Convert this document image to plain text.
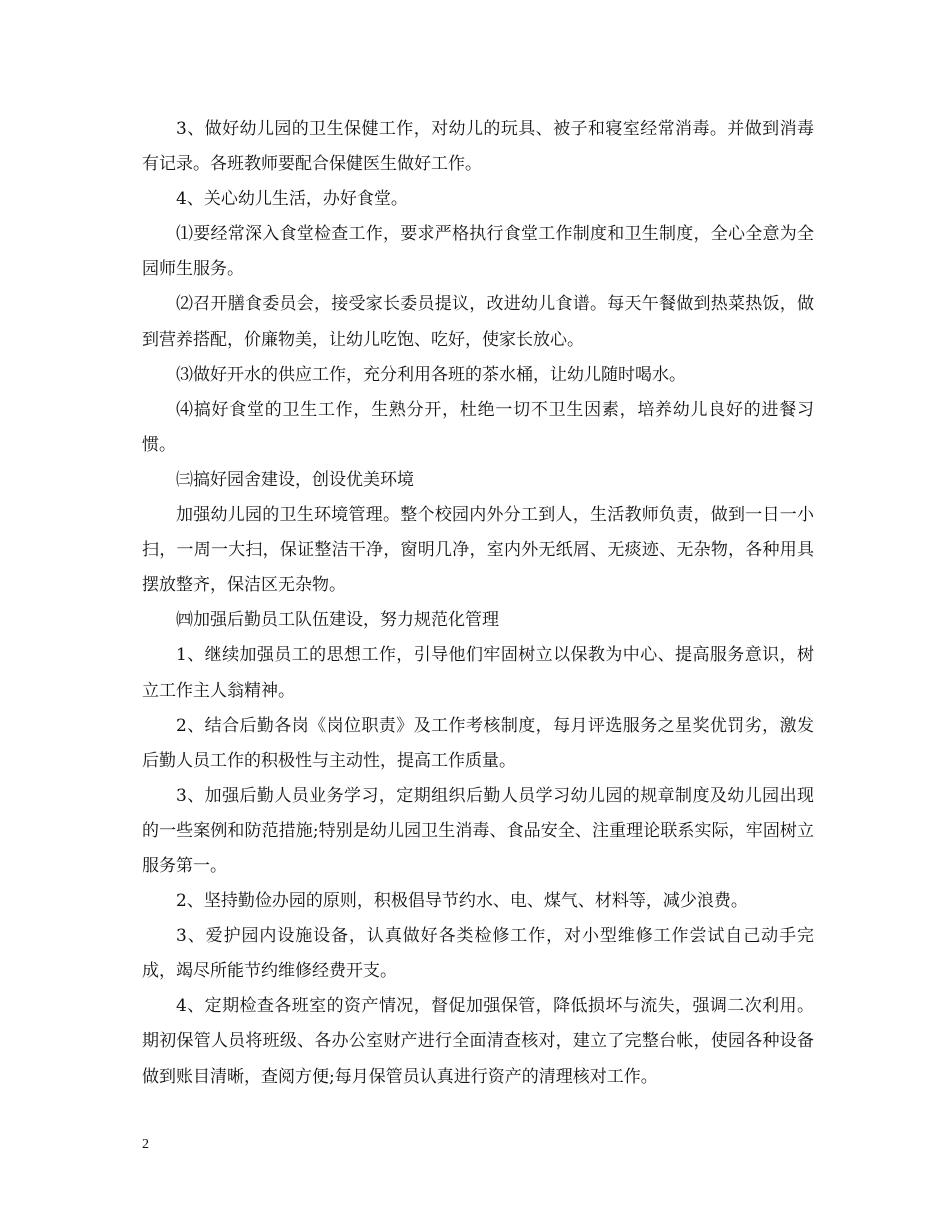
3、做好幼儿园的卫生保健工作，对幼儿的玩具、被子和寝室经常消毒。并做到消毒有记录。各班教师要配合保健医生做好工作。

4、关心幼儿生活，办好食堂。

⑴要经常深入食堂检查工作，要求严格执行食堂工作制度和卫生制度，全心全意为全园师生服务。

⑵召开膳食委员会，接受家长委员提议，改进幼儿食谱。每天午餐做到热菜热饭，做到营养搭配，价廉物美，让幼儿吃饱、吃好，使家长放心。

⑶做好开水的供应工作，充分利用各班的茶水桶，让幼儿随时喝水。

⑷搞好食堂的卫生工作，生熟分开，杜绝一切不卫生因素，培养幼儿良好的进餐习惯。

㈢搞好园舍建设，创设优美环境

加强幼儿园的卫生环境管理。整个校园内外分工到人，生活教师负责，做到一日一小扫，一周一大扫，保证整洁干净，窗明几净，室内外无纸屑、无痰迹、无杂物，各种用具摆放整齐，保洁区无杂物。

㈣加强后勤员工队伍建设，努力规范化管理

1、继续加强员工的思想工作，引导他们牢固树立以保教为中心、提高服务意识，树立工作主人翁精神。

2、结合后勤各岗《岗位职责》及工作考核制度，每月评选服务之星奖优罚劣，激发后勤人员工作的积极性与主动性，提高工作质量。

3、加强后勤人员业务学习，定期组织后勤人员学习幼儿园的规章制度及幼儿园出现的一些案例和防范措施;特别是幼儿园卫生消毒、食品安全、注重理论联系实际，牢固树立服务第一。

2、坚持勤俭办园的原则，积极倡导节约水、电、煤气、材料等，减少浪费。

3、爱护园内设施设备，认真做好各类检修工作，对小型维修工作尝试自己动手完成，竭尽所能节约维修经费开支。

4、定期检查各班室的资产情况，督促加强保管，降低损坏与流失，强调二次利用。期初保管人员将班级、各办公室财产进行全面清查核对，建立了完整台帐，使园各种设备做到账目清晰，查阅方便;每月保管员认真进行资产的清理核对工作。

2
